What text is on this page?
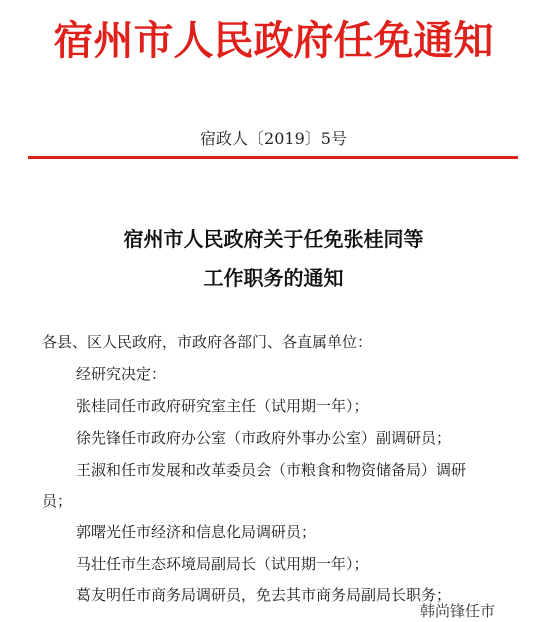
宿州市人民政府任免通知
宿政人〔2019〕5号
宿州市人民政府关于任免张桂同等
工作职务的通知
各县、区人民政府，市政府各部门、各直属单位：
经研究决定：
张桂同任市政府研究室主任（试用期一年）；
徐先锋任市政府办公室（市政府外事办公室）副调研员；
王淑和任市发展和改革委员会（市粮食和物资储备局）调研
员；
郭曙光任市经济和信息化局调研员；
马壮任市生态环境局副局长（试用期一年）；
葛友明任市商务局调研员，免去其市商务局副局长职务；
韩尚锋任市
